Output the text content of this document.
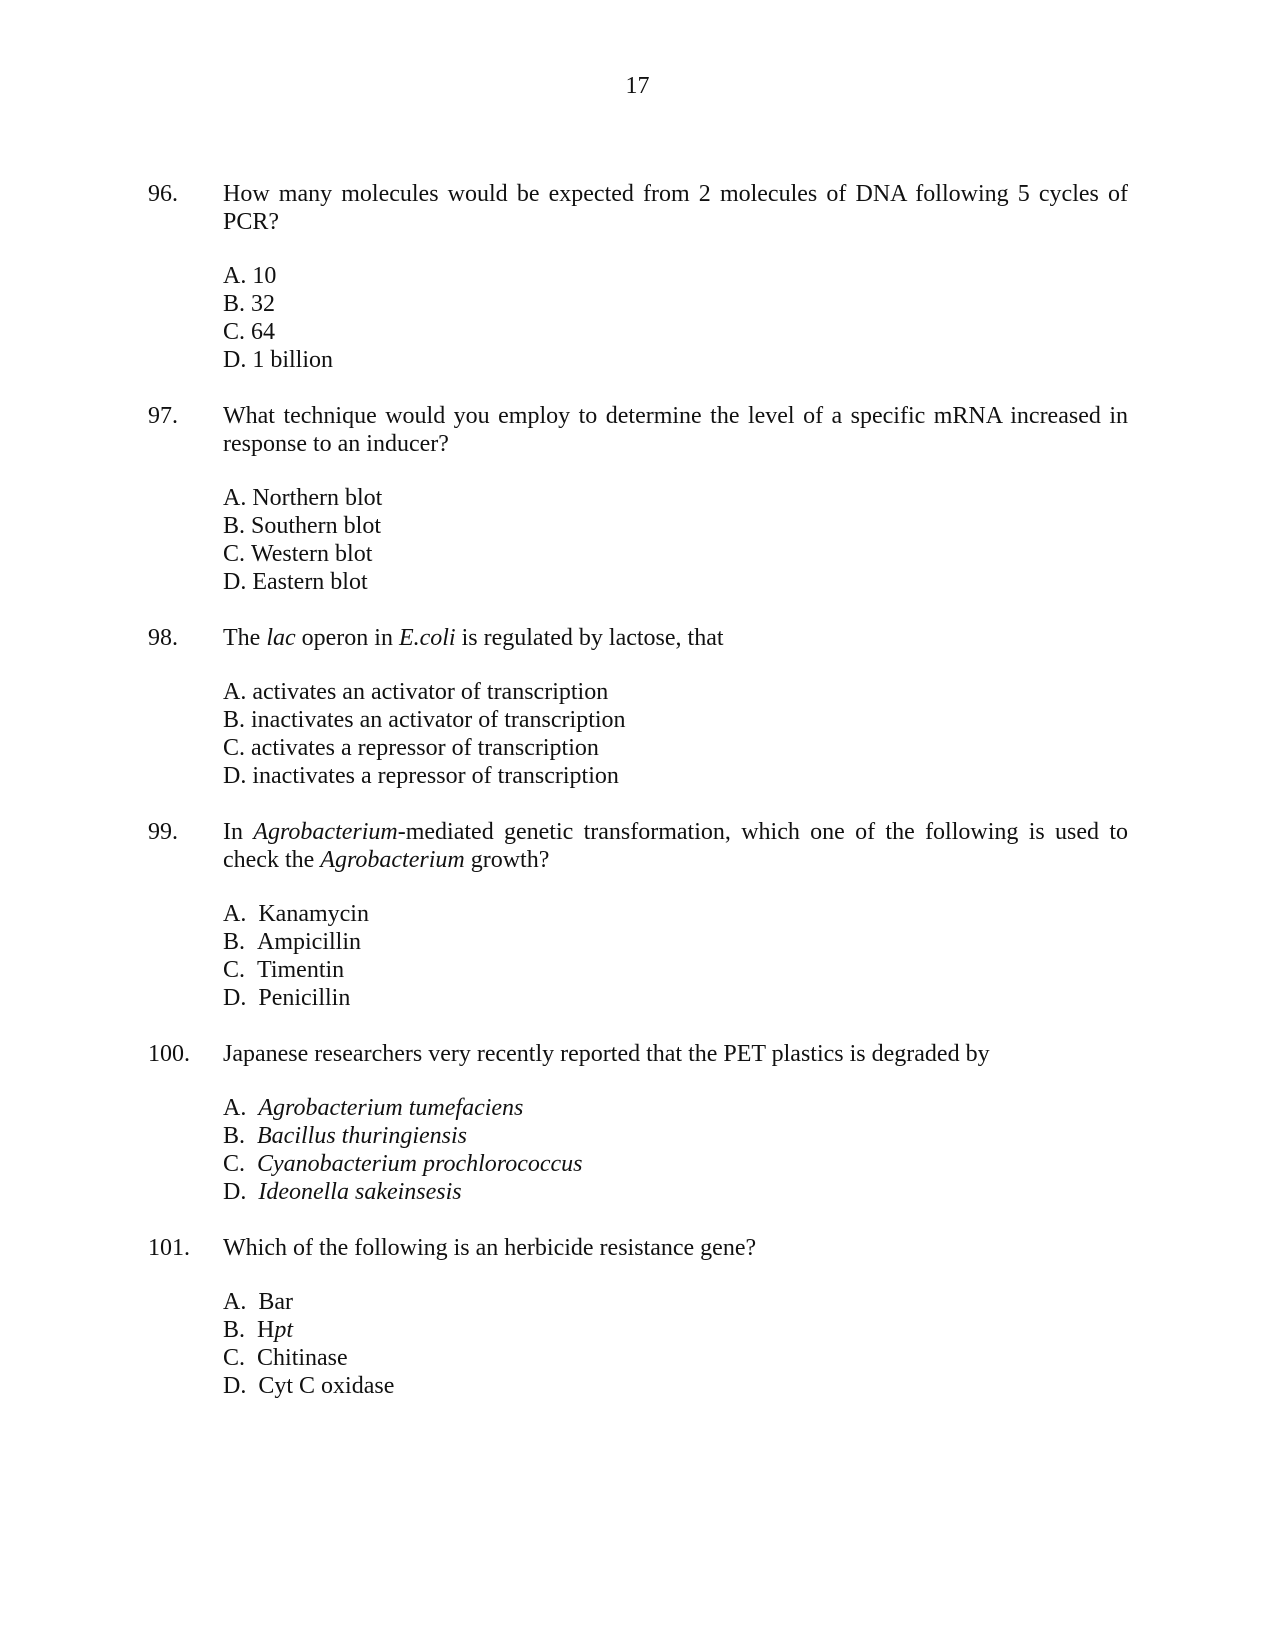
17
96. How many molecules would be expected from 2 molecules of DNA following 5 cycles of PCR?
A. 10
B. 32
C. 64
D. 1 billion
97. What technique would you employ to determine the level of a specific mRNA increased in response to an inducer?
A. Northern blot
B. Southern blot
C. Western blot
D. Eastern blot
98. The lac operon in E.coli is regulated by lactose, that
A. activates an activator of transcription
B. inactivates an activator of transcription
C. activates a repressor of transcription
D. inactivates a repressor of transcription
99. In Agrobacterium-mediated genetic transformation, which one of the following is used to check the Agrobacterium growth?
A. Kanamycin
B. Ampicillin
C. Timentin
D. Penicillin
100. Japanese researchers very recently reported that the PET plastics is degraded by
A. Agrobacterium tumefaciens
B. Bacillus thuringiensis
C. Cyanobacterium prochlorococcus
D. Ideonella sakeinsesis
101. Which of the following is an herbicide resistance gene?
A. Bar
B. Hpt
C. Chitinase
D. Cyt C oxidase
